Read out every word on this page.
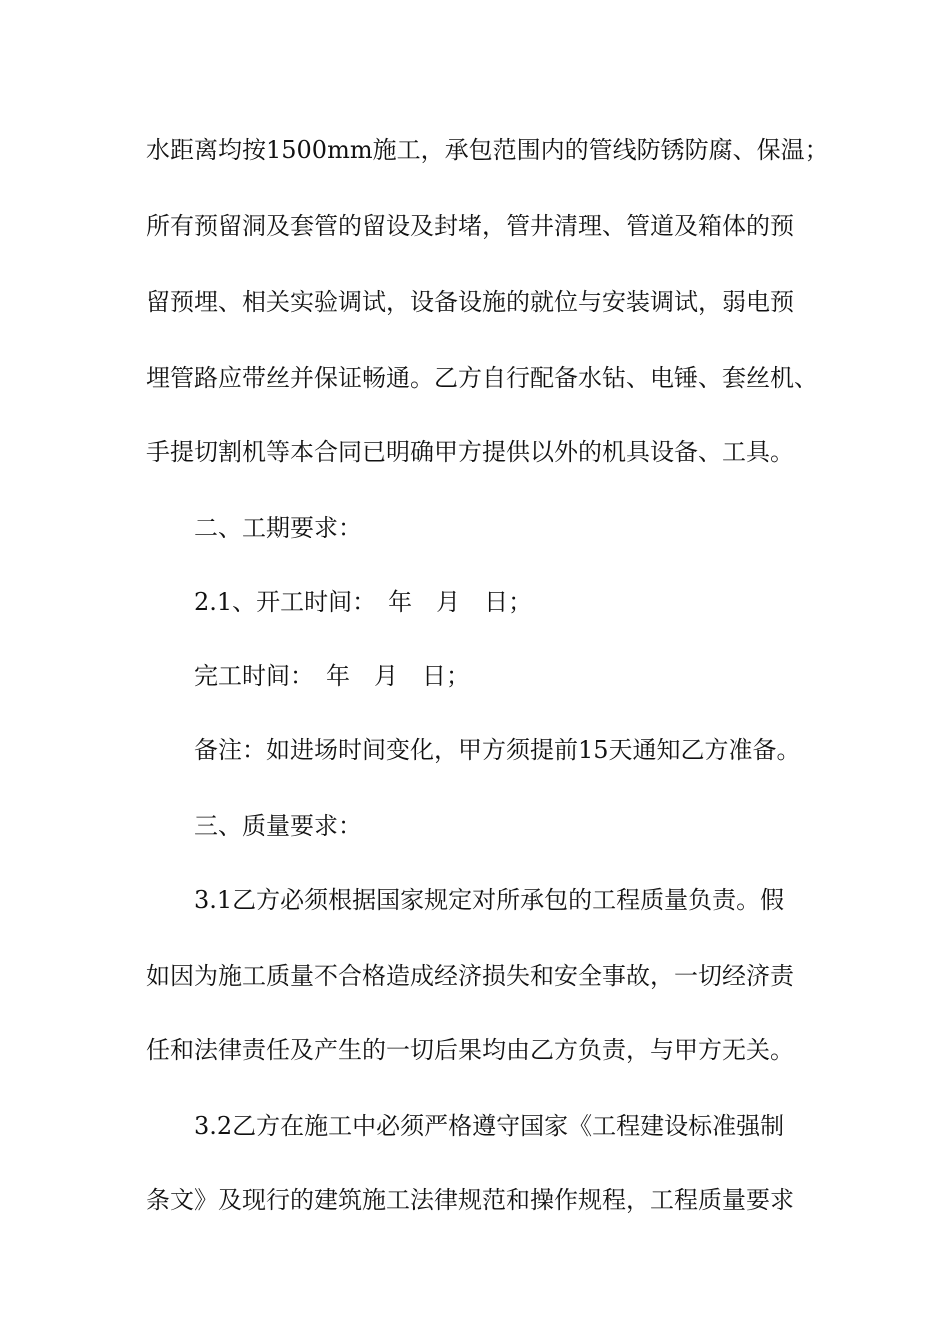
水距离均按1500mm施工，承包范围内的管线防锈防腐、保温；
所有预留洞及套管的留设及封堵，管井清理、管道及箱体的预
留预埋、相关实验调试，设备设施的就位与安装调试，弱电预
埋管路应带丝并保证畅通。乙方自行配备水钻、电锤、套丝机、
手提切割机等本合同已明确甲方提供以外的机具设备、工具。
二、工期要求：
2.1、开工时间：　年　月　日；
完工时间：　年　月　日；
备注：如进场时间变化，甲方须提前15天通知乙方准备。
三、质量要求：
3.1乙方必须根据国家规定对所承包的工程质量负责。假
如因为施工质量不合格造成经济损失和安全事故，一切经济责
任和法律责任及产生的一切后果均由乙方负责，与甲方无关。
3.2乙方在施工中必须严格遵守国家《工程建设标准强制
条文》及现行的建筑施工法律规范和操作规程，工程质量要求
